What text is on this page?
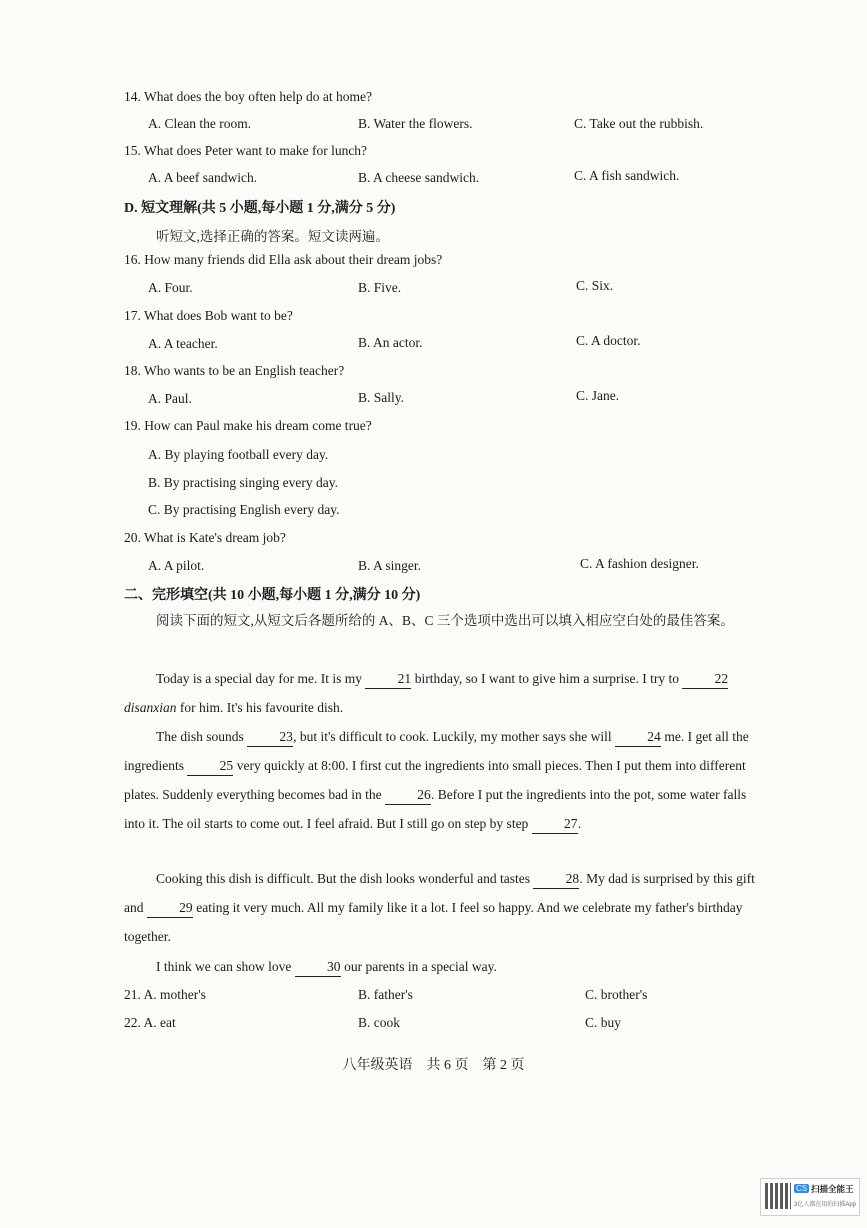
14. What does the boy often help do at home?
A. Clean the room.	B. Water the flowers.	C. Take out the rubbish.
15. What does Peter want to make for lunch?
A. A beef sandwich.	B. A cheese sandwich.	C. A fish sandwich.
D. 短文理解(共 5 小题,每小题 1 分,满分 5 分)
听短文,选择正确的答案。短文读两遍。
16. How many friends did Ella ask about their dream jobs?
A. Four.	B. Five.	C. Six.
17. What does Bob want to be?
A. A teacher.	B. An actor.	C. A doctor.
18. Who wants to be an English teacher?
A. Paul.	B. Sally.	C. Jane.
19. How can Paul make his dream come true?
A. By playing football every day.
B. By practising singing every day.
C. By practising English every day.
20. What is Kate's dream job?
A. A pilot.	B. A singer.	C. A fashion designer.
二、完形填空(共 10 小题,每小题 1 分,满分 10 分)
阅读下面的短文,从短文后各题所给的 A、B、C 三个选项中选出可以填入相应空白处的最佳答案。
Today is a special day for me. It is my	21 birthday, so I want to give him a surprise. I try to	22 disanxian for him. It's his favourite dish.
The dish sounds	23, but it's difficult to cook. Luckily, my mother says she will	24 me. I get all the ingredients	25 very quickly at 8:00. I first cut the ingredients into small pieces. Then I put them into different plates. Suddenly everything becomes bad in the	26. Before I put the ingredients into the pot, some water falls into it. The oil starts to come out. I feel afraid. But I still go on step by step	27.
Cooking this dish is difficult. But the dish looks wonderful and tastes	28. My dad is surprised by this gift and	29 eating it very much. All my family like it a lot. I feel so happy. And we celebrate my father's birthday together.
I think we can show love	30 our parents in a special way.
21. A. mother's	B. father's	C. brother's
22. A. eat	B. cook	C. buy
八年级英语　共 6 页　第 2 页
CS 扫描全能王
3亿人都在用的扫描App
